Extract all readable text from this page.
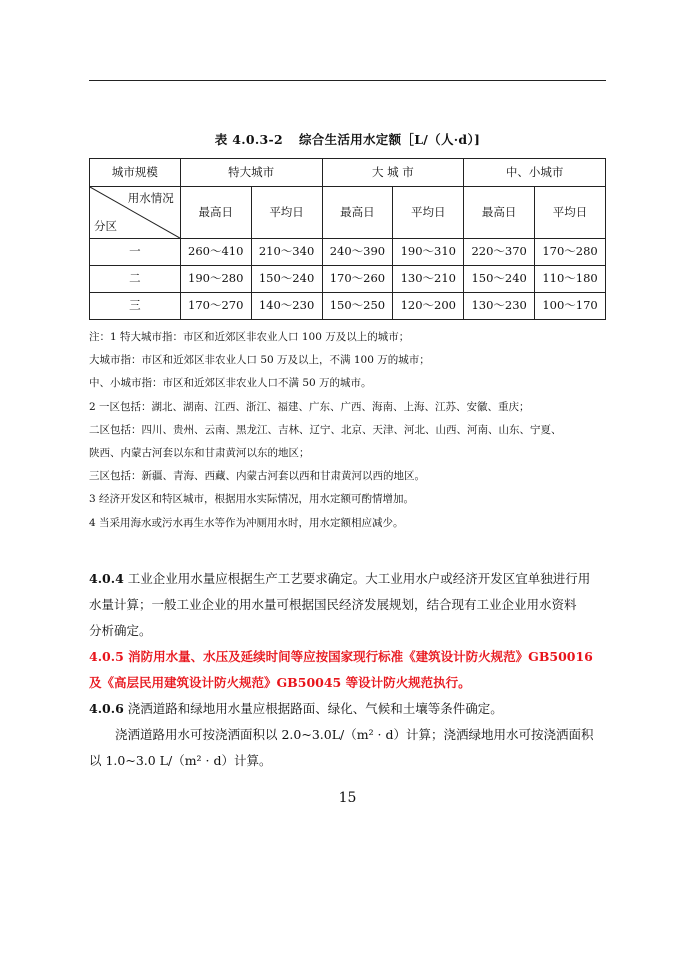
表 4.0.3-2 综合生活用水定额［L/（人·d）]
城市规模	特大城市		大 城 市		中、小城市	

用水情况
分区	最高日	平均日	最高日	平均日	最高日	平均日
一	260～410	210～340	240～390	190～310	220～370	170～280
二	190～280	150～240	170～260	130～210	150～240	110～180
三	170～270	140～230	150～250	120～200	130～230	100～170
注：1 特大城市指：市区和近郊区非农业人口 100 万及以上的城市；
大城市指：市区和近郊区非农业人口 50 万及以上，不满 100 万的城市；
中、小城市指：市区和近郊区非农业人口不满 50 万的城市。
2 一区包括：湖北、湖南、江西、浙江、福建、广东、广西、海南、上海、江苏、安徽、重庆；
二区包括：四川、贵州、云南、黑龙江、吉林、辽宁、北京、天津、河北、山西、河南、山东、宁夏、
陕西、内蒙古河套以东和甘肃黄河以东的地区；
三区包括：新疆、青海、西藏、内蒙古河套以西和甘肃黄河以西的地区。
3 经济开发区和特区城市，根据用水实际情况，用水定额可酌情增加。
4 当采用海水或污水再生水等作为冲厕用水时，用水定额相应减少。
4.0.4 工业企业用水量应根据生产工艺要求确定。大工业用水户或经济开发区宜单独进行用
水量计算；一般工业企业的用水量可根据国民经济发展规划，结合现有工业企业用水资料
分析确定。
4.0.5 消防用水量、水压及延续时间等应按国家现行标准《建筑设计防火规范》GB50016
及《高层民用建筑设计防火规范》GB50045 等设计防火规范执行。
4.0.6 浇洒道路和绿地用水量应根据路面、绿化、气候和土壤等条件确定。
浇洒道路用水可按浇洒面积以 2.0~3.0L/（m² · d）计算；浇洒绿地用水可按浇洒面积
以 1.0~3.0 L/（m² · d）计算。
15
